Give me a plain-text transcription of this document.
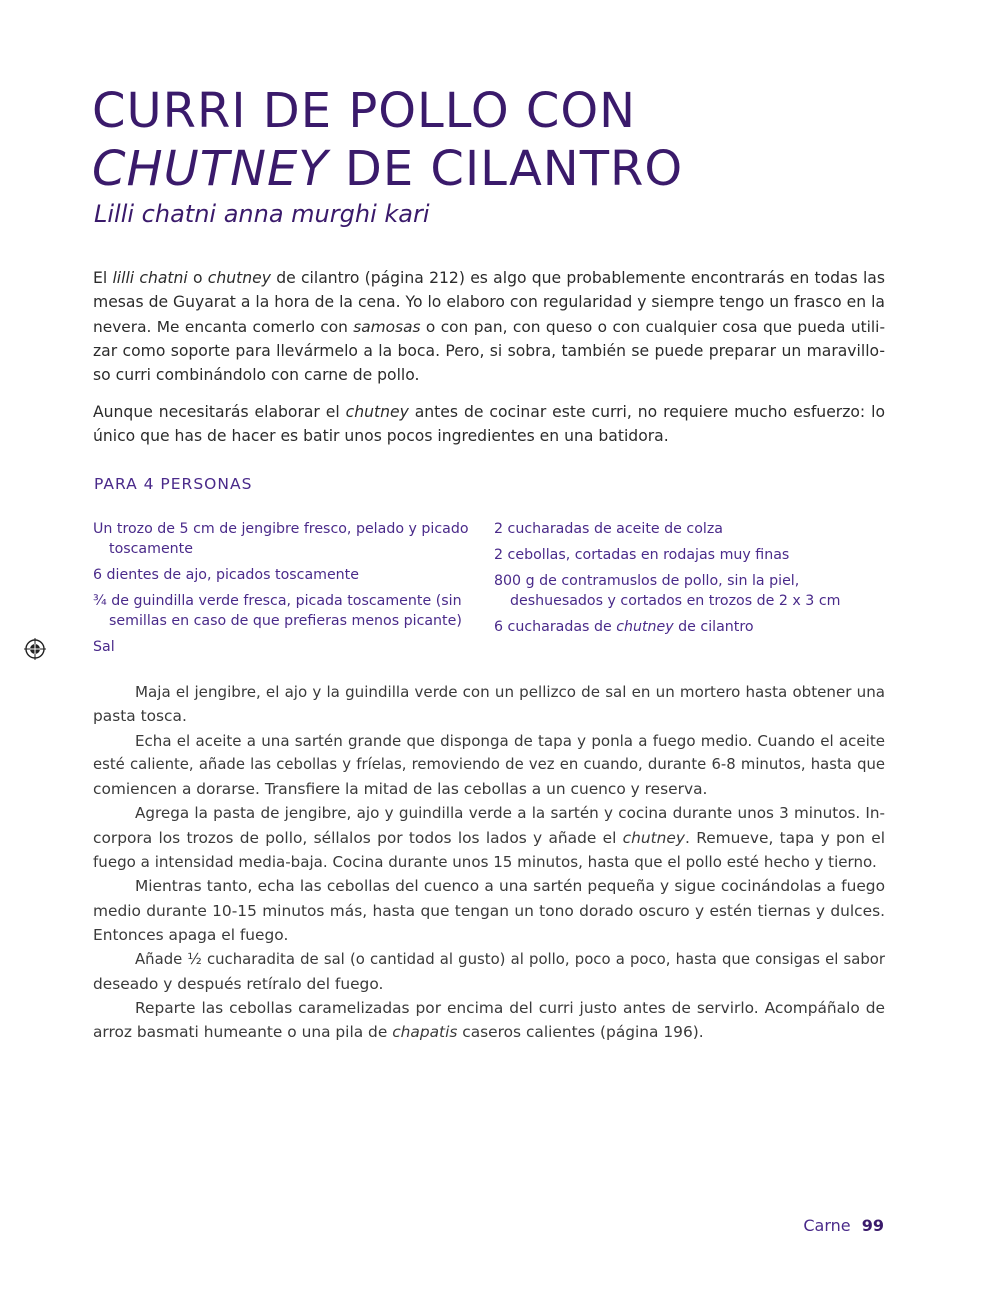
CURRI DE POLLO CON
CHUTNEY DE CILANTRO
Lilli chatni anna murghi kari

El lilli chatni o chutney de cilantro (página 212) es algo que probablemente encontrarás en todas las
mesas de Guyarat a la hora de la cena. Yo lo elaboro con regularidad y siempre tengo un frasco en la
nevera. Me encanta comerlo con samosas o con pan, con queso o con cualquier cosa que pueda utili-
zar como soporte para llevármelo a la boca. Pero, si sobra, también se puede preparar un maravillo-
so curri combinándolo con carne de pollo.

Aunque necesitarás elaborar el chutney antes de cocinar este curri, no requiere mucho esfuerzo: lo
único que has de hacer es batir unos pocos ingredientes en una batidora.

PARA 4 PERSONAS
Un trozo de 5 cm de jengibre fresco, pelado y picado
toscamente
6 dientes de ajo, picados toscamente
¾ de guindilla verde fresca, picada toscamente (sin
semillas en caso de que prefieras menos picante)
Sal
2 cucharadas de aceite de colza
2 cebollas, cortadas en rodajas muy finas
800 g de contramuslos de pollo, sin la piel,
deshuesados y cortados en trozos de 2 x 3 cm
6 cucharadas de chutney de cilantro
Maja el jengibre, el ajo y la guindilla verde con un pellizco de sal en un mortero hasta obtener una
pasta tosca.
Echa el aceite a una sartén grande que disponga de tapa y ponla a fuego medio. Cuando el aceite
esté caliente, añade las cebollas y fríelas, removiendo de vez en cuando, durante 6-8 minutos, hasta que
comiencen a dorarse. Transfiere la mitad de las cebollas a un cuenco y reserva.
Agrega la pasta de jengibre, ajo y guindilla verde a la sartén y cocina durante unos 3 minutos. In-
corpora los trozos de pollo, séllalos por todos los lados y añade el chutney. Remueve, tapa y pon el
fuego a intensidad media-baja. Cocina durante unos 15 minutos, hasta que el pollo esté hecho y tierno.
Mientras tanto, echa las cebollas del cuenco a una sartén pequeña y sigue cocinándolas a fuego
medio durante 10-15 minutos más, hasta que tengan un tono dorado oscuro y estén tiernas y dulces.
Entonces apaga el fuego.
Añade ½ cucharadita de sal (o cantidad al gusto) al pollo, poco a poco, hasta que consigas el sabor
deseado y después retíralo del fuego.
Reparte las cebollas caramelizadas por encima del curri justo antes de servirlo. Acompáñalo de
arroz basmati humeante o una pila de chapatis caseros calientes (página 196).
Carne 99
